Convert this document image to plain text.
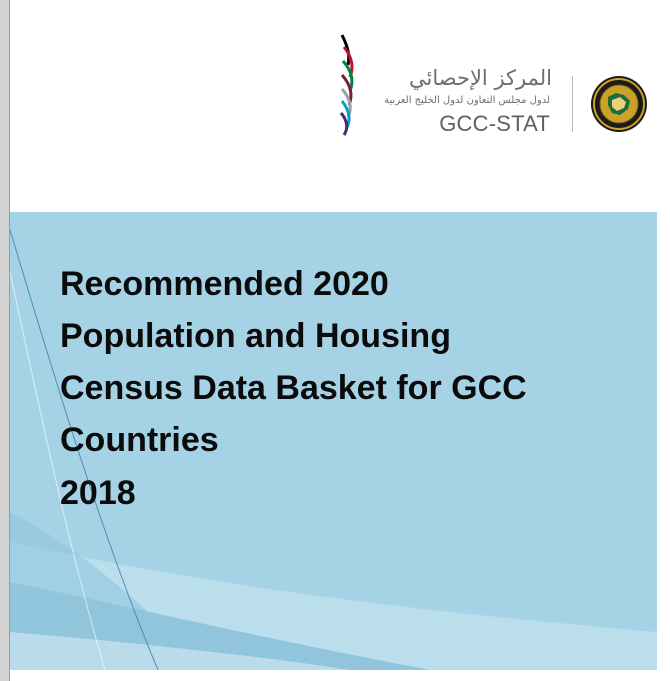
المركز الإحصائي
لدول مجلس التعاون لدول الخليج العربية
GCC-STAT
Recommended 2020
Population and Housing
Census Data Basket for GCC
Countries
2018
